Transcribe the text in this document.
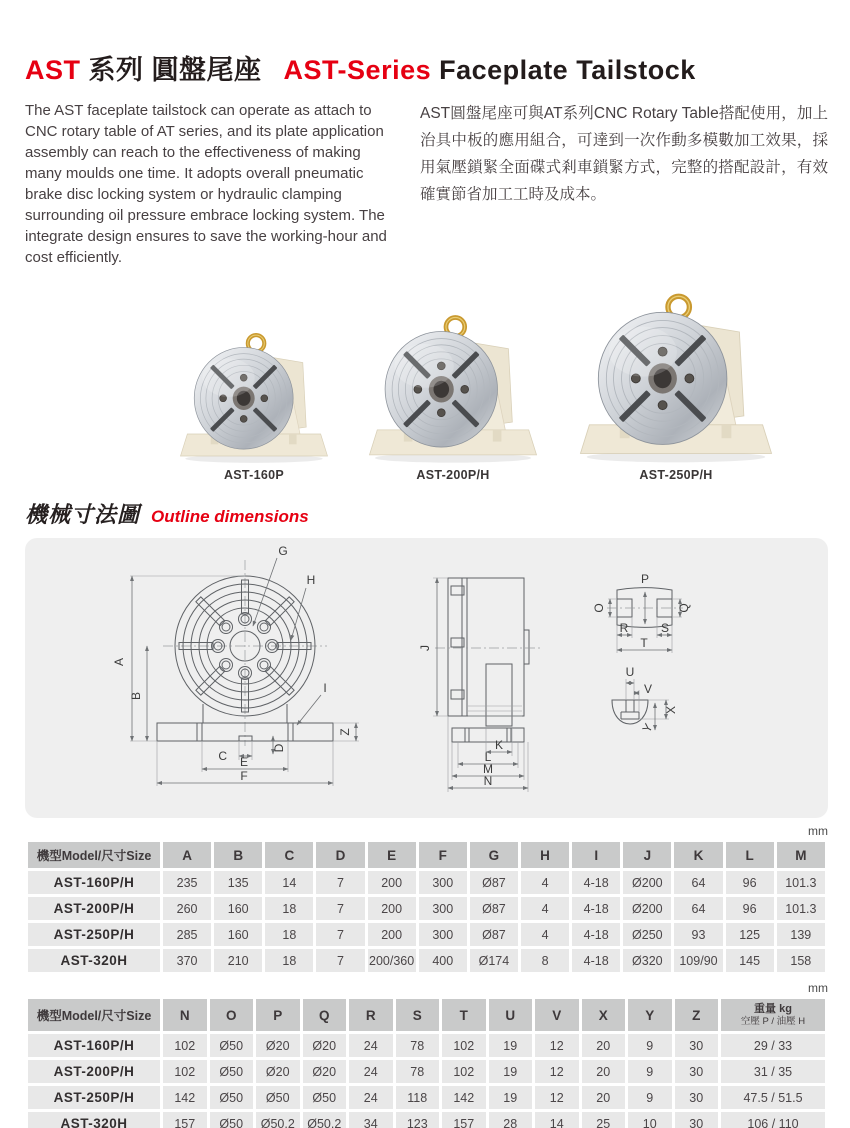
AST 系列 圓盤尾座 AST-Series Faceplate Tailstock

The AST faceplate tailstock can operate as attach to CNC rotary table of AT series, and its plate application assembly can reach to the effectiveness of making many moulds one time. It adopts overall pneumatic brake disc locking system or hydraulic clamping surrounding oil pressure embrace locking system. The integrate design ensures to save the working-hour and cost efficiently.

AST圓盤尾座可與AT系列CNC Rotary Table搭配使用，加上治具中板的應用組合，可達到一次作動多模數加工效果，採用氣壓鎖緊全面碟式剎車鎖緊方式，完整的搭配設計，有效確實節省加工工時及成本。

AST-160P	AST-200P/H	AST-250P/H
機械寸法圖 Outline dimensions
A
B
Z
C
D
E
F
G
H
I
J
K
L
M
N
O
P
Q
R	S
T
U
V
X
Y
mm
機型Model/尺寸Size	A	B	C	D	E	F	G	H	I	J	K	L	M
AST-160P/H	235	135	14	7	200	300	Ø87	4	4-18	Ø200	64	96	101.3
AST-200P/H	260	160	18	7	200	300	Ø87	4	4-18	Ø200	64	96	101.3
AST-250P/H	285	160	18	7	200	300	Ø87	4	4-18	Ø250	93	125	139
AST-320H	370	210	18	7	200/360	400	Ø174	8	4-18	Ø320	109/90	145	158
mm
機型Model/尺寸Size	N	O	P	Q	R	S	T	U	V	X	Y	Z	重量 kg
空壓 P / 油壓 H

AST-160P/H	102	Ø50	Ø20	Ø20	24	78	102	19	12	20	9	30	29 / 33
AST-200P/H	102	Ø50	Ø20	Ø20	24	78	102	19	12	20	9	30	31 / 35
AST-250P/H	142	Ø50	Ø50	Ø50	24	118	142	19	12	20	9	30	47.5 / 51.5
AST-320H	157	Ø50	Ø50.2	Ø50.2	34	123	157	28	14	25	10	30	106 / 110
